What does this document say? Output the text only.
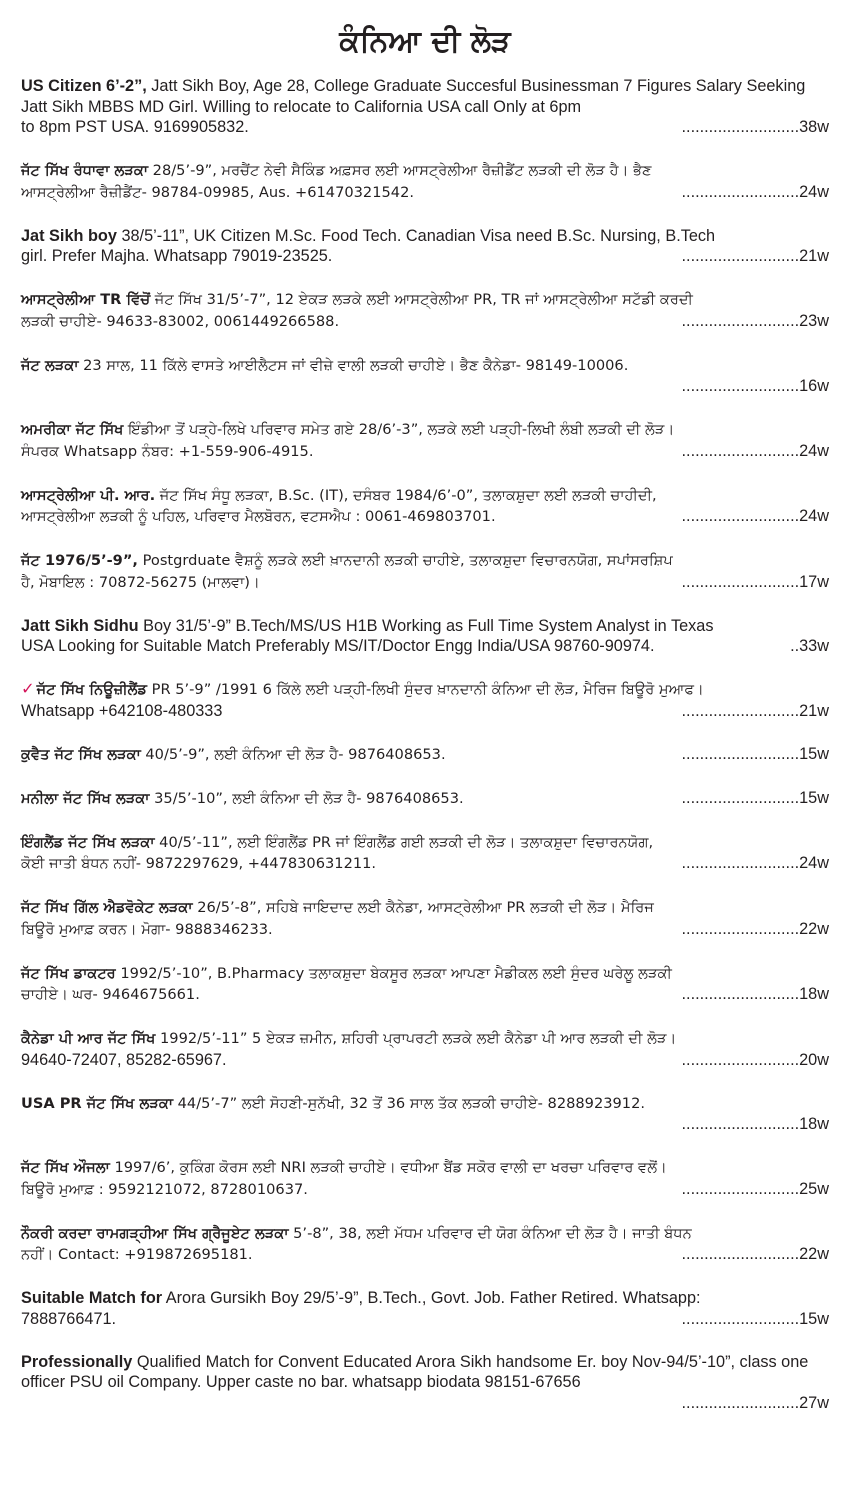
ਕੰਨਿਆ ਦੀ ਲੋੜ
US Citizen 6’-2”, Jatt Sikh Boy, Age 28, College Graduate Succesful Businessman 7 Figures Salary Seeking Jatt Sikh MBBS MD Girl. Willing to relocate to California USA call Only at 6pm
to 8pm PST USA. 9169905832.	..........................38w
ਜੱਟ ਸਿੱਖ ਰੰਧਾਵਾ ਲੜਕਾ 28/5’-9”, ਮਰਚੈਂਟ ਨੇਵੀ ਸੈਕਿੰਡ ਅਫ਼ਸਰ ਲਈ ਆਸਟ੍ਰੇਲੀਆ ਰੈਜ਼ੀਡੈਂਟ ਲੜਕੀ ਦੀ ਲੋੜ ਹੈ। ਭੈਣ
ਆਸਟ੍ਰੇਲੀਆ ਰੈਜ਼ੀਡੈਂਟ- 98784-09985, Aus. +61470321542.	..........................24w
Jat Sikh boy 38/5’-11”, UK Citizen M.Sc. Food Tech. Canadian Visa need B.Sc. Nursing, B.Tech
girl. Prefer Majha. Whatsapp 79019-23525.	..........................21w
ਆਸਟ੍ਰੇਲੀਆ TR ਵਿੱਚੋਂ ਜੱਟ ਸਿੱਖ 31/5’-7”, 12 ਏਕੜ ਲੜਕੇ ਲਈ ਆਸਟ੍ਰੇਲੀਆ PR, TR ਜਾਂ ਆਸਟ੍ਰੇਲੀਆ ਸਟੱਡੀ ਕਰਦੀ
ਲੜਕੀ ਚਾਹੀਏ- 94633-83002, 0061449266588.	..........................23w
ਜੱਟ ਲੜਕਾ 23 ਸਾਲ, 11 ਕਿੱਲੇ ਵਾਸਤੇ ਆਈਲੈਟਸ ਜਾਂ ਵੀਜ਼ੇ ਵਾਲੀ ਲੜਕੀ ਚਾਹੀਏ। ਭੈਣ ਕੈਨੇਡਾ- 98149-10006.
..........................16w
ਅਮਰੀਕਾ ਜੱਟ ਸਿੱਖ ਇੰਡੀਆ ਤੋਂ ਪੜ੍ਹੇ-ਲਿਖੇ ਪਰਿਵਾਰ ਸਮੇਤ ਗਏ 28/6’-3”, ਲੜਕੇ ਲਈ ਪੜ੍ਹੀ-ਲਿਖੀ ਲੰਬੀ ਲੜਕੀ ਦੀ ਲੋੜ।
ਸੰਪਰਕ Whatsapp ਨੰਬਰ: +1-559-906-4915.	..........................24w
ਆਸਟ੍ਰੇਲੀਆ ਪੀ. ਆਰ. ਜੱਟ ਸਿੱਖ ਸੰਧੂ ਲੜਕਾ, B.Sc. (IT), ਦਸੰਬਰ 1984/6’-0”, ਤਲਾਕਸ਼ੁਦਾ ਲਈ ਲੜਕੀ ਚਾਹੀਦੀ,
ਆਸਟ੍ਰੇਲੀਆ ਲੜਕੀ ਨੂੰ ਪਹਿਲ, ਪਰਿਵਾਰ ਮੈਲਬੋਰਨ, ਵਟਸਐਪ : 0061-469803701.	..........................24w
ਜੱਟ 1976/5’-9”, Postgrduate ਵੈਸ਼ਨੂੰ ਲੜਕੇ ਲਈ ਖ਼ਾਨਦਾਨੀ ਲੜਕੀ ਚਾਹੀਏ, ਤਲਾਕਸ਼ੁਦਾ ਵਿਚਾਰਨਯੋਗ, ਸਪਾਂਸਰਸ਼ਿਪ
ਹੈ, ਮੋਬਾਇਲ : 70872-56275 (ਮਾਲਵਾ)।	..........................17w
Jatt Sikh Sidhu Boy 31/5’-9” B.Tech/MS/US H1B Working as Full Time System Analyst in Texas
USA Looking for Suitable Match Preferably MS/IT/Doctor Engg India/USA 98760-90974.	..33w
✓ ਜੱਟ ਸਿੱਖ ਨਿਊਜ਼ੀਲੈਂਡ PR 5’-9” /1991 6 ਕਿੱਲੇ ਲਈ ਪੜ੍ਹੀ-ਲਿਖੀ ਸੁੰਦਰ ਖ਼ਾਨਦਾਨੀ ਕੰਨਿਆ ਦੀ ਲੋੜ, ਮੈਰਿਜ ਬਿਊਰੋ ਮੁਆਫ।
Whatsapp +642108-480333	..........................21w
ਕੁਵੈਤ ਜੱਟ ਸਿੱਖ ਲੜਕਾ 40/5’-9”, ਲਈ ਕੰਨਿਆ ਦੀ ਲੋੜ ਹੈ- 9876408653.	..........................15w
ਮਨੀਲਾ ਜੱਟ ਸਿੱਖ ਲੜਕਾ 35/5’-10”, ਲਈ ਕੰਨਿਆ ਦੀ ਲੋੜ ਹੈ- 9876408653.	..........................15w
ਇੰਗਲੈਂਡ ਜੱਟ ਸਿੱਖ ਲੜਕਾ 40/5’-11”, ਲਈ ਇੰਗਲੈਂਡ PR ਜਾਂ ਇੰਗਲੈਂਡ ਗਈ ਲੜਕੀ ਦੀ ਲੋੜ। ਤਲਾਕਸ਼ੁਦਾ ਵਿਚਾਰਨਯੋਗ,
ਕੋਈ ਜਾਤੀ ਬੰਧਨ ਨਹੀਂ- 9872297629, +447830631211.	..........................24w
ਜੱਟ ਸਿੱਖ ਗਿੱਲ ਐਡਵੋਕੇਟ ਲੜਕਾ 26/5’-8”, ਸਹਿਬੇ ਜਾਇਦਾਦ ਲਈ ਕੈਨੇਡਾ, ਆਸਟ੍ਰੇਲੀਆ PR ਲੜਕੀ ਦੀ ਲੋੜ। ਮੈਰਿਜ
ਬਿਊਰੋ ਮੁਆਫ਼ ਕਰਨ। ਮੋਗਾ- 9888346233.	..........................22w
ਜੱਟ ਸਿੱਖ ਡਾਕਟਰ 1992/5’-10”, B.Pharmacy ਤਲਾਕਸ਼ੁਦਾ ਬੇਕਸੂਰ ਲੜਕਾ ਆਪਣਾ ਮੈਡੀਕਲ ਲਈ ਸੁੰਦਰ ਘਰੇਲੂ ਲੜਕੀ
ਚਾਹੀਏ। ਘਰ- 9464675661.	..........................18w
ਕੈਨੇਡਾ ਪੀ ਆਰ ਜੱਟ ਸਿੱਖ 1992/5’-11” 5 ਏਕੜ ਜ਼ਮੀਨ, ਸ਼ਹਿਰੀ ਪ੍ਰਾਪਰਟੀ ਲੜਕੇ ਲਈ ਕੈਨੇਡਾ ਪੀ ਆਰ ਲੜਕੀ ਦੀ ਲੋੜ।
94640-72407, 85282-65967.	..........................20w
USA PR ਜੱਟ ਸਿੱਖ ਲੜਕਾ 44/5’-7” ਲਈ ਸੋਹਣੀ-ਸੁਨੱਖੀ, 32 ਤੋਂ 36 ਸਾਲ ਤੱਕ ਲੜਕੀ ਚਾਹੀਏ- 8288923912.
..........................18w
ਜੱਟ ਸਿੱਖ ਔਜਲਾ 1997/6’, ਕੁਕਿੰਗ ਕੋਰਸ ਲਈ NRI ਲੜਕੀ ਚਾਹੀਏ। ਵਧੀਆ ਬੈਂਡ ਸਕੋਰ ਵਾਲੀ ਦਾ ਖਰਚਾ ਪਰਿਵਾਰ ਵਲੋਂ।
ਬਿਊਰੋ ਮੁਆਫ਼ : 9592121072, 8728010637.	..........................25w
ਨੌਕਰੀ ਕਰਦਾ ਰਾਮਗੜ੍ਹੀਆ ਸਿੱਖ ਗ੍ਰੈਜੂਏਟ ਲੜਕਾ 5’-8”, 38, ਲਈ ਮੱਧਮ ਪਰਿਵਾਰ ਦੀ ਯੋਗ ਕੰਨਿਆ ਦੀ ਲੋੜ ਹੈ। ਜਾਤੀ ਬੰਧਨ
ਨਹੀਂ। Contact: +919872695181.	..........................22w
Suitable Match for Arora Gursikh Boy 29/5’-9”, B.Tech., Govt. Job. Father Retired. Whatsapp:
7888766471.	..........................15w
Professionally Qualified Match for Convent Educated Arora Sikh handsome Er. boy Nov-94/5’-10”, class one officer PSU oil Company. Upper caste no bar. whatsapp biodata 98151-67656
..........................27w
